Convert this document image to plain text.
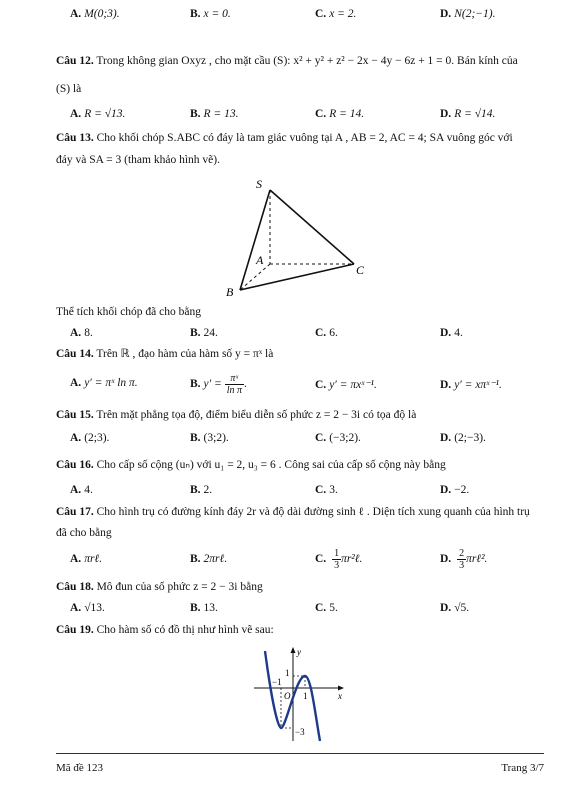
A. M(0;3).	B. x = 0.	C. x = 2.	D. N(2;−1).
Câu 12. Trong không gian Oxyz , cho mặt cầu (S): x² + y² + z² − 2x − 4y − 6z + 1 = 0. Bán kính của
(S) là
A. R = √13.	B. R = 13.	C. R = 14.	D. R = √14.
Câu 13. Cho khối chóp S.ABC có đáy là tam giác vuông tại A , AB = 2, AC = 4; SA vuông góc với
đáy và SA = 3 (tham khảo hình vẽ).
S
A
B
C
Thể tích khối chóp đã cho bằng
A. 8.	B. 24.	C. 6.	D. 4.
Câu 14. Trên ℝ , đạo hàm của hàm số y = πˣ là
A. y′ = πˣ ln π.	B. $y' = \frac{\text{πˣ}}{\text{ln π}}$ .	C. y′ = πxˣ⁻¹.	D. y′ = xπˣ⁻¹.
Câu 15. Trên mặt phẳng tọa độ, điểm biểu diễn số phức z = 2 − 3i có tọa độ là
A. (2;3).	B. (3;2).	C. (−3;2).	D. (2;−3).
Câu 16. Cho cấp số cộng (uₙ) với u₁ = 2, u₃ = 6 . Công sai của cấp số cộng này bằng
A. 4.	B. 2.	C. 3.	D. −2.
Câu 17. Cho hình trụ có đường kính đáy 2r và độ dài đường sinh ℓ . Diện tích xung quanh của hình trụ
đã cho bằng
A. πrℓ.	B. 2πrℓ.	C. $\frac{1}{3}$ πr²ℓ.	D. $\frac{2}{3}$ πrℓ².
Câu 18. Mô đun của số phức z = 2 − 3i bằng
A. √13.	B. 13.	C. 5.	D. √5.
Câu 19. Cho hàm số có đồ thị như hình vẽ sau:
y
x
O
1
−1
1
−3
Mã đề 123	Trang 3/7
